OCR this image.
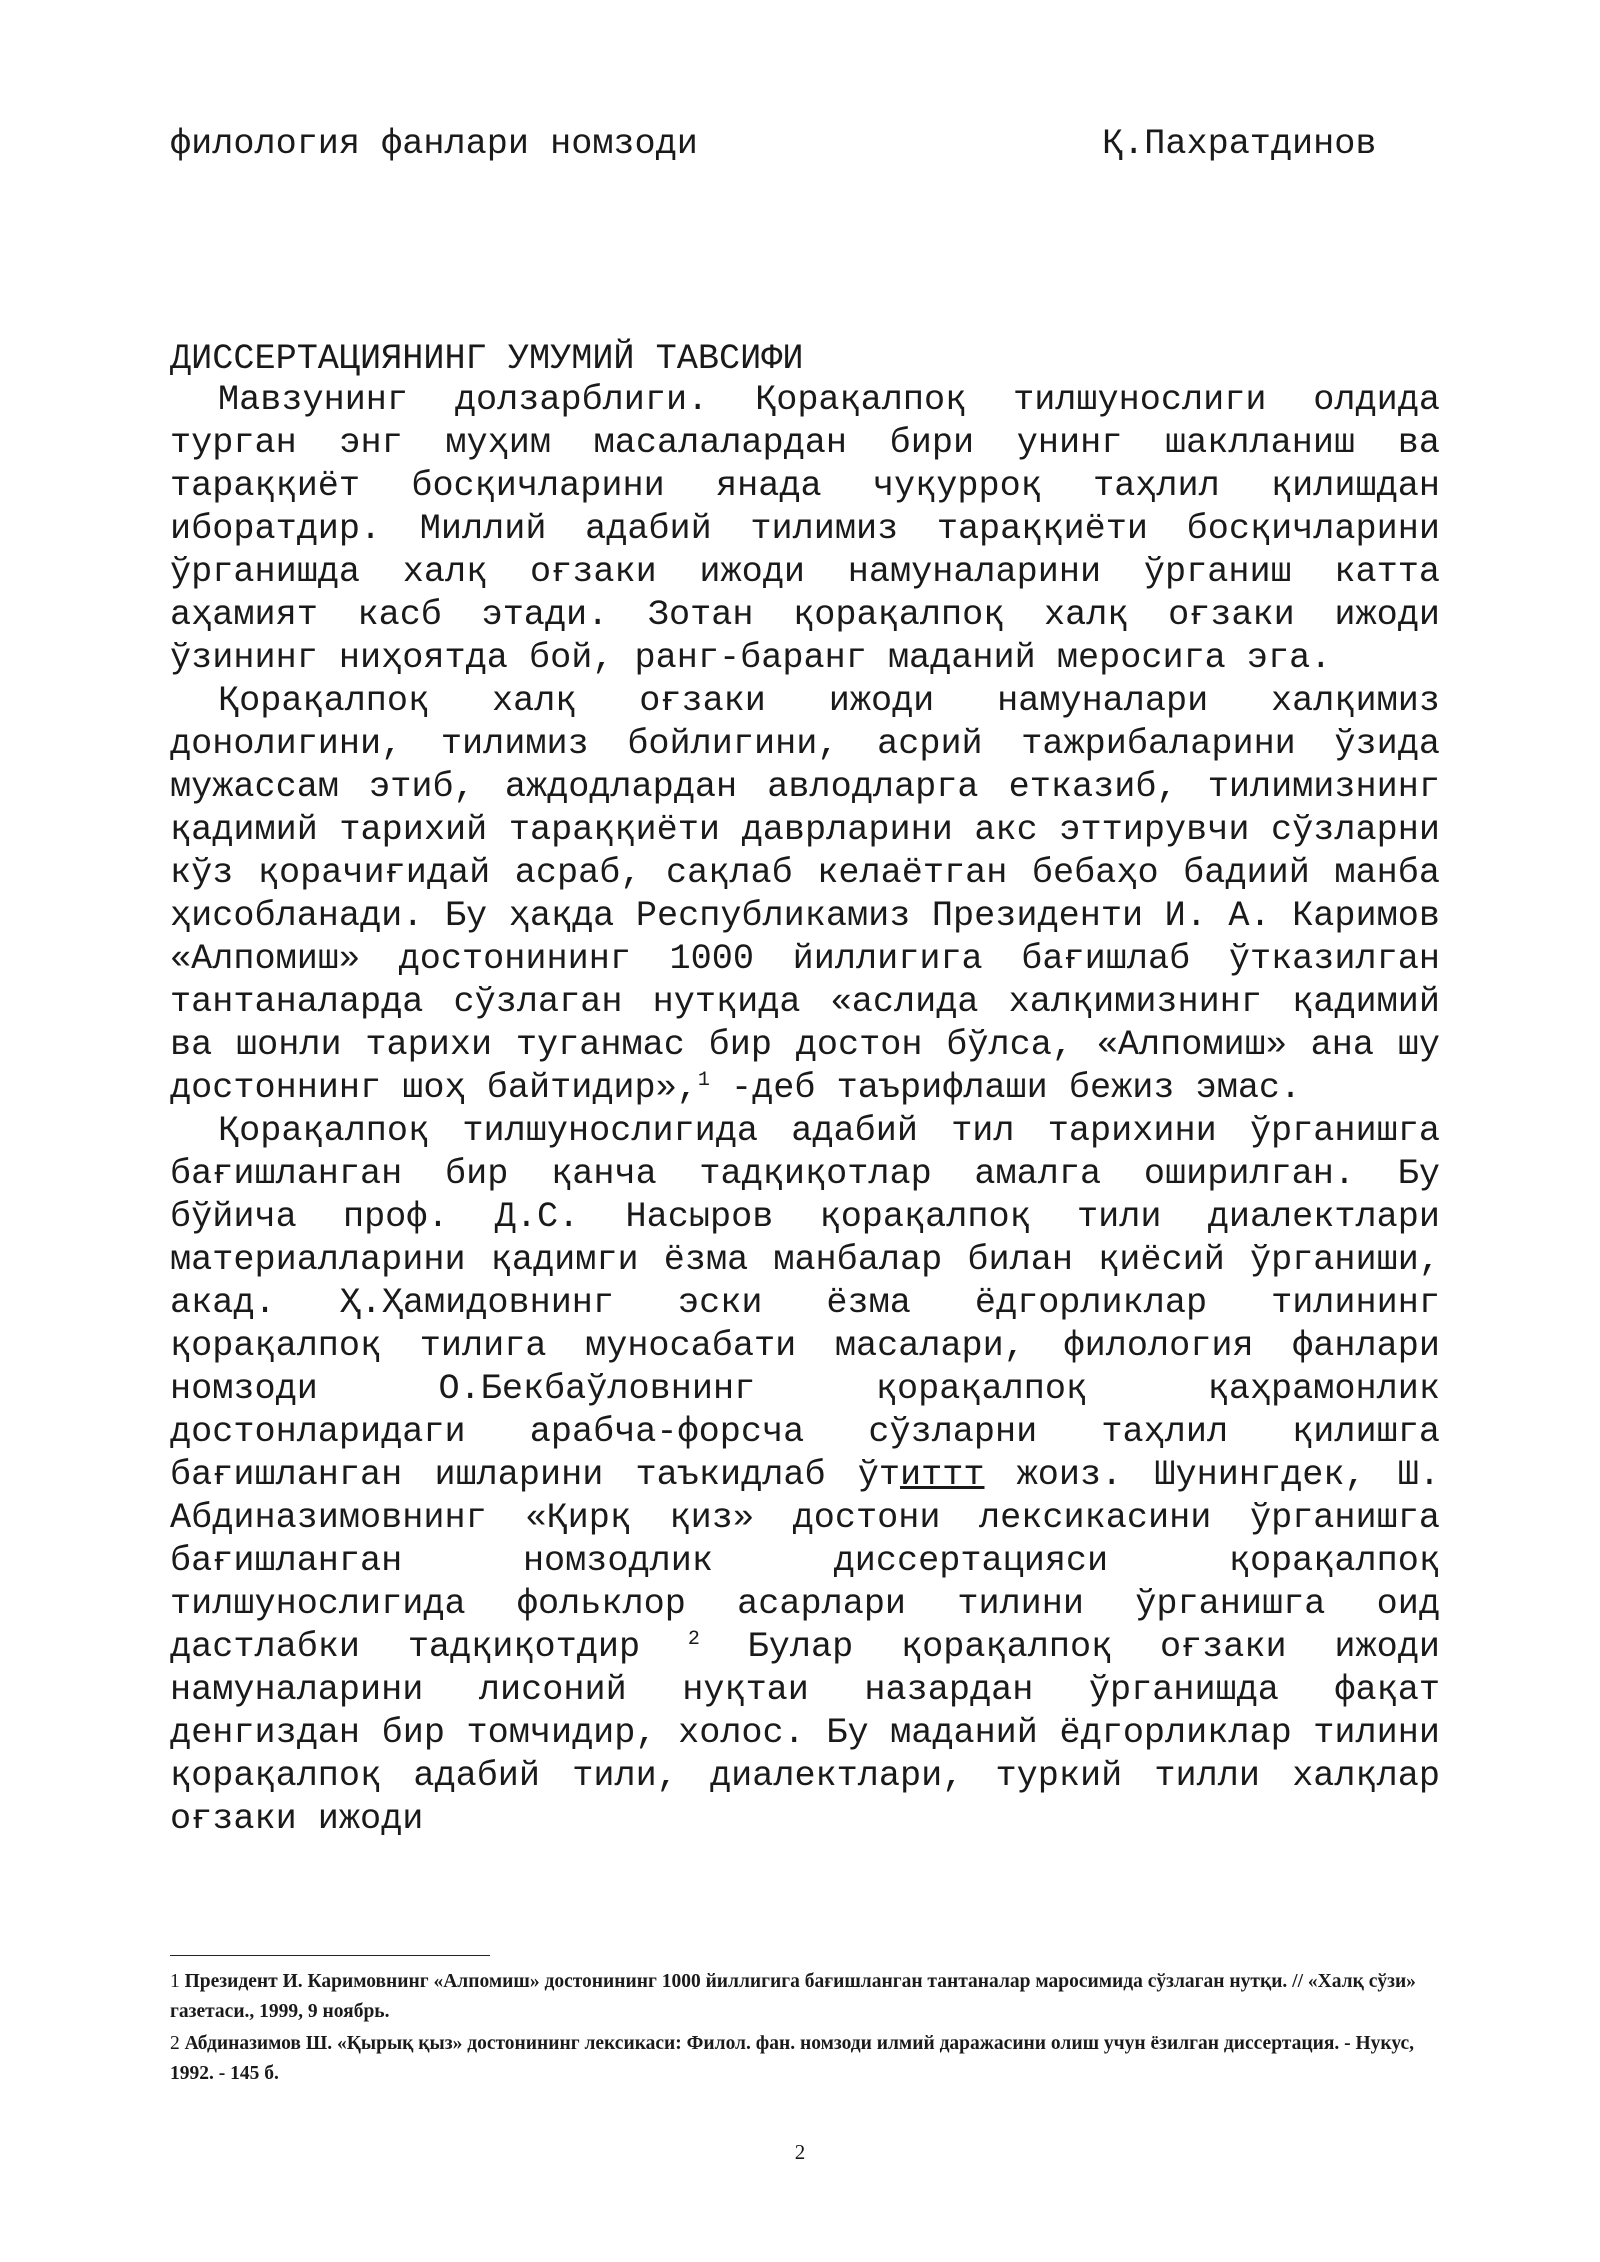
филология фанлари номзоди	Қ.Пахратдинов
ДИССЕРТАЦИЯНИНГ УМУМИЙ ТАВСИФИ

Мавзунинг долзарблиги. Қорақалпоқ тилшунослиги олдида турган энг муҳим масалалардан бири унинг шаклланиш ва тараққиёт босқичларини янада чуқурроқ таҳлил қилишдан иборатдир. Миллий адабий тилимиз тараққиёти босқичларини ўрганишда халқ оғзаки ижоди намуналарини ўрганиш катта аҳамият касб этади. Зотан қорақалпоқ халқ оғзаки ижоди ўзининг ниҳоятда бой, ранг-баранг маданий меросига эга.

Қорақалпоқ халқ оғзаки ижоди намуналари халқимиз донолигини, тилимиз бойлигини, асрий тажрибаларини ўзида мужассам этиб, аждодлардан авлодларга етказиб, тилимизнинг қадимий тарихий тараққиёти даврларини акс эттирувчи сўзларни кўз қорачиғидай асраб, сақлаб келаётган бебаҳо бадиий манба ҳисобланади. Бу ҳақда Республикамиз Президенти И. А. Каримов «Алпомиш» достонининг 1000 йиллигига бағишлаб ўтказилган тантаналарда сўзлаган нутқида «аслида халқимизнинг қадимий ва шонли тарихи туганмас бир достон бўлса, «Алпомиш» ана шу достоннинг шоҳ байтидир»,$^1$ -деб таърифлаши бежиз эмас.

Қорақалпоқ тилшунослигида адабий тил тарихини ўрганишга бағишланган бир қанча тадқиқотлар амалга оширилган. Бу бўйича проф. Д.С. Насыров қорақалпоқ тили диалектлари материалларини қадимги ёзма манбалар билан қиёсий ўрганиши, акад. Ҳ.Ҳамидовнинг эски ёзма ёдгорликлар тилининг қорақалпоқ тилига муносабати масалари, филология фанлари номзоди О.Бекбаўловнинг қорақалпоқ қаҳрамонлик достонларидаги арабча-форсча сўзларни таҳлил қилишга бағишланган ишларини таъкидлаб ўтиттт жоиз. Шунингдек, Ш. Абдиназимовнинг «Қирқ қиз» достони лексикасини ўрганишга бағишланган номзодлик диссертацияси қорақалпоқ тилшунослигида фольклор асарлари тилини ўрганишга оид дастлабки тадқиқотдир $^2$ Булар қорақалпоқ оғзаки ижоди намуналарини лисоний нуқтаи назардан ўрганишда фақат денгиздан бир томчидир, холос. Бу маданий ёдгорликлар тилини қорақалпоқ адабий тили, диалектлари, туркий тилли халқлар оғзаки ижоди

1 Президент И. Каримовнинг «Алпомиш» достонининг 1000 йиллигига бағишланган тантаналар маросимида сўзлаган нутқи. // «Халқ сўзи» газетаси., 1999, 9 ноябрь.

2 Абдиназимов Ш. «Қырық қыз» достонининг лексикаси: Филол. фан. номзоди илмий даражасини олиш учун ёзилган диссертация. - Нукус, 1992. - 145 б.

2
